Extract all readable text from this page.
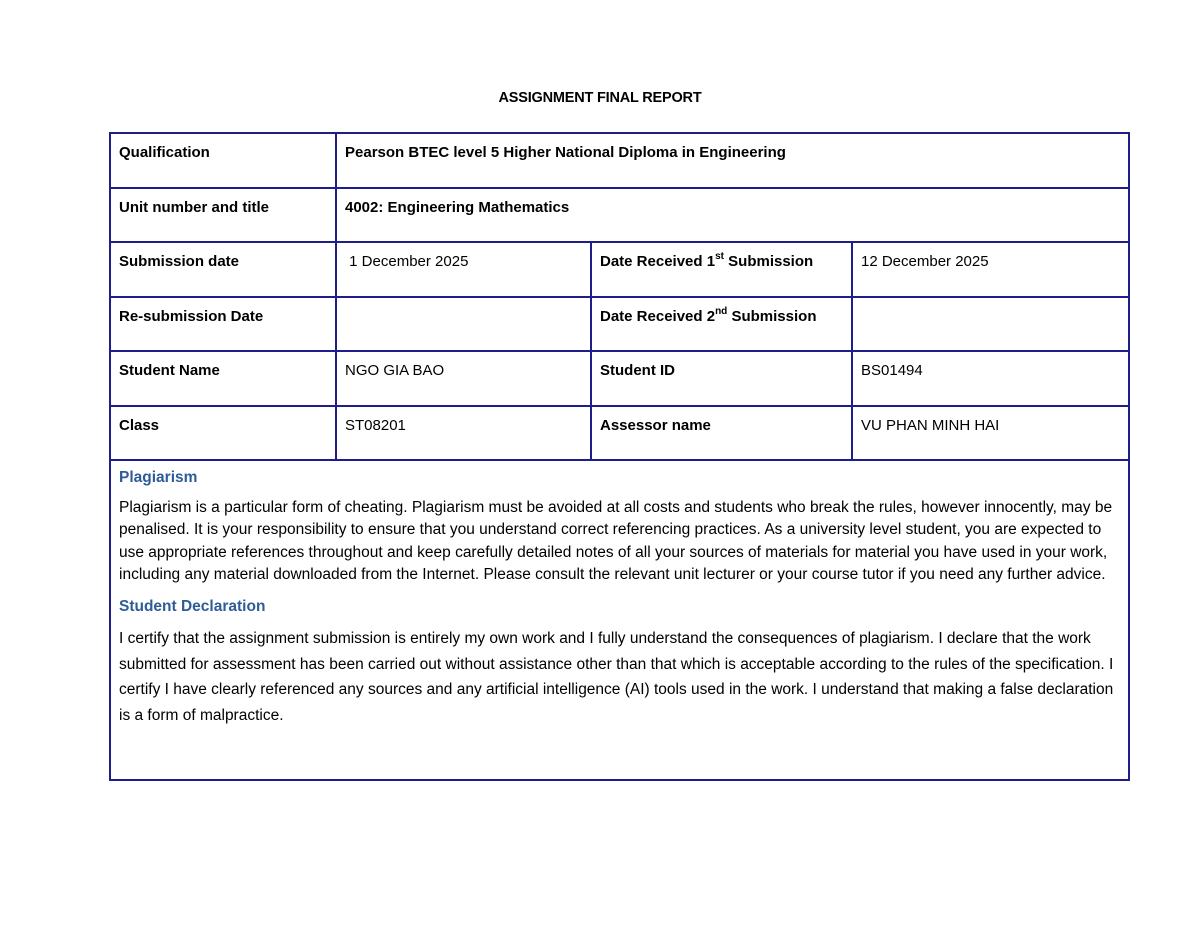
ASSIGNMENT FINAL REPORT
Qualification	Pearson BTEC level 5 Higher National Diploma in Engineering		
Unit number and title	4002: Engineering Mathematics		
Submission date	1 December 2025	Date Received 1st Submission	12 December 2025
Re-submission Date		Date Received 2nd Submission	
Student Name	NGO GIA BAO	Student ID	BS01494
Class	ST08201	Assessor name	VU PHAN MINH HAI

Plagiarism

Plagiarism is a particular form of cheating. Plagiarism must be avoided at all costs and students who break the rules, however innocently, may be penalised. It is your responsibility to ensure that you understand correct referencing practices. As a university level student, you are expected to use appropriate references throughout and keep carefully detailed notes of all your sources of materials for material you have used in your work, including any material downloaded from the Internet. Please consult the relevant unit lecturer or your course tutor if you need any further advice.

Student Declaration

I certify that the assignment submission is entirely my own work and I fully understand the consequences of plagiarism. I declare that the work submitted for assessment has been carried out without assistance other than that which is acceptable according to the rules of the specification. I certify I have clearly referenced any sources and any artificial intelligence (AI) tools used in the work. I understand that making a false declaration is a form of malpractice.			
